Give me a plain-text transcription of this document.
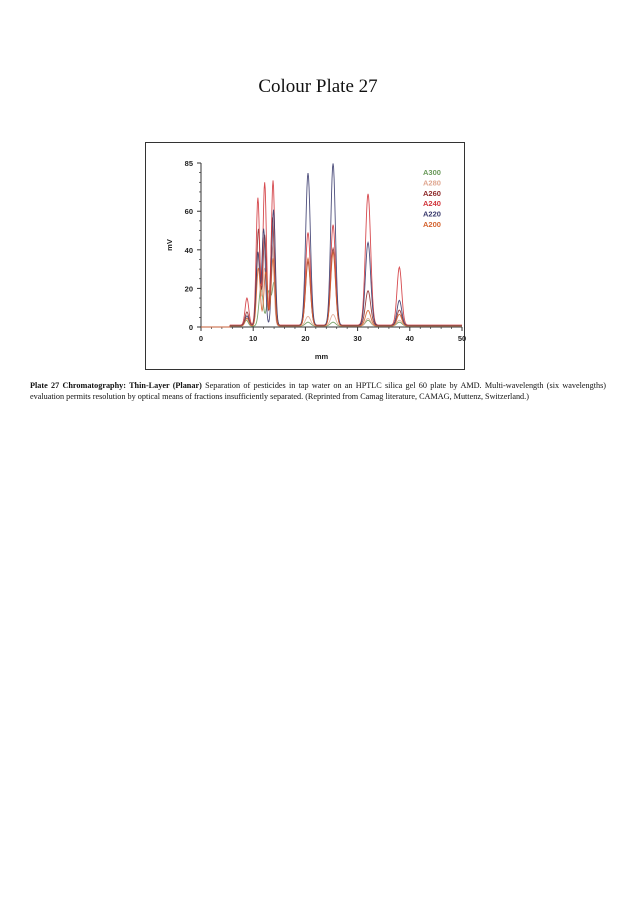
Colour Plate 27
0
20
40
60
85
0	10	20	30	40	50
mm
mV
A300
A280
A260
A240
A220
A200
Plate 27 Chromatography: Thin-Layer (Planar) Separation of pesticides in tap water on an HPTLC silica gel 60 plate by AMD. Multi-wavelength (six wavelengths) evaluation permits resolution by optical means of fractions insufficiently separated. (Reprinted from Camag literature, CAMAG, Muttenz, Switzerland.)
